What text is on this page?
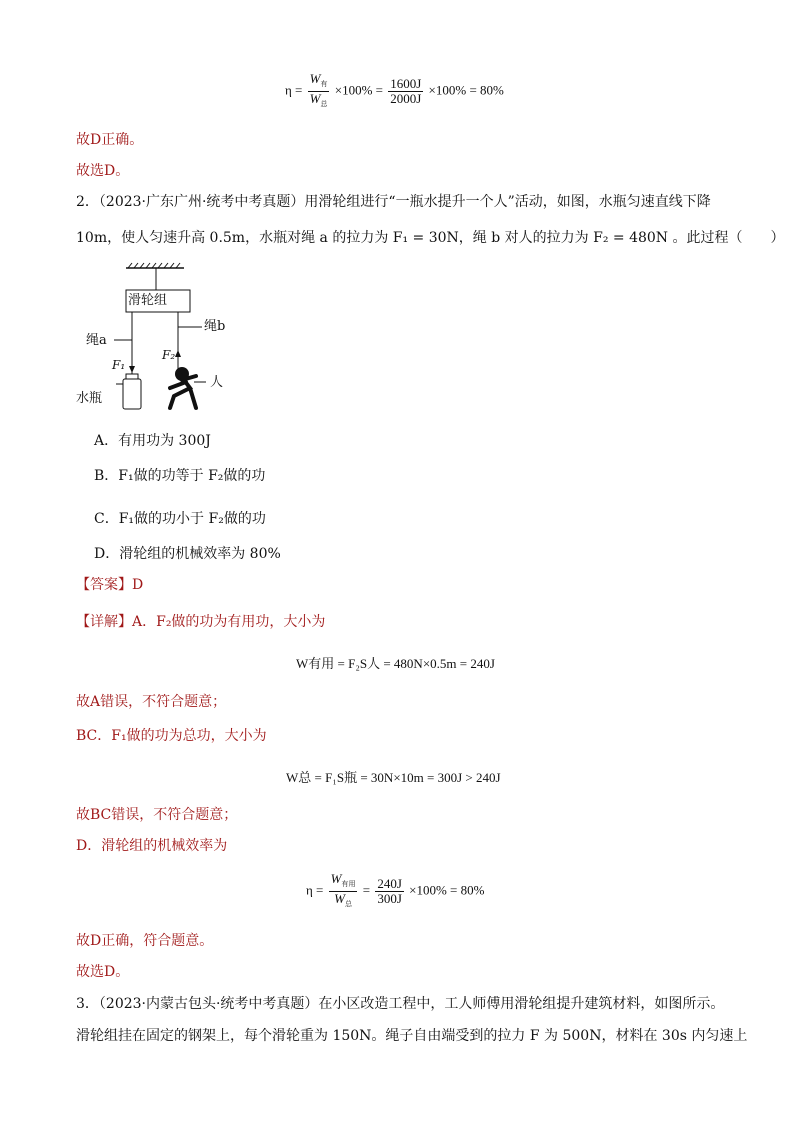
$\eta = \frac{W_有}{W_总} \times 100\% = \frac{1600J}{2000J} \times 100\% = 80\%$
故D正确。
故选D。
2．（2023·广东广州·统考中考真题）用滑轮组进行“一瓶水提升一个人”活动，如图，水瓶匀速直线下降
10m，使人匀速升高 0.5m，水瓶对绳 a 的拉力为 F₁ = 30N，绳 b 对人的拉力为 F₂ = 480N 。此过程（　　）
滑轮组
绳a
绳b
F₁
F₂
水瓶
人
A．有用功为 300J
B．F₁做的功等于 F₂做的功
C．F₁做的功小于 F₂做的功
D．滑轮组的机械效率为 80%
【答案】D
【详解】A．F₂做的功为有用功，大小为
W有用 = F₂S人 = 480N×0.5m = 240J
故A错误，不符合题意；
BC．F₁做的功为总功，大小为
W总 = F₁S瓶 = 30N×10m = 300J > 240J
故BC错误，不符合题意；
D．滑轮组的机械效率为
$\eta = \frac{W_{有用}}{W_总} = \frac{240J}{300J} \times 100\% = 80\%$
故D正确，符合题意。
故选D。
3．（2023·内蒙古包头·统考中考真题）在小区改造工程中，工人师傅用滑轮组提升建筑材料，如图所示。
滑轮组挂在固定的钢架上，每个滑轮重为 150N。绳子自由端受到的拉力 F 为 500N，材料在 30s 内匀速上
